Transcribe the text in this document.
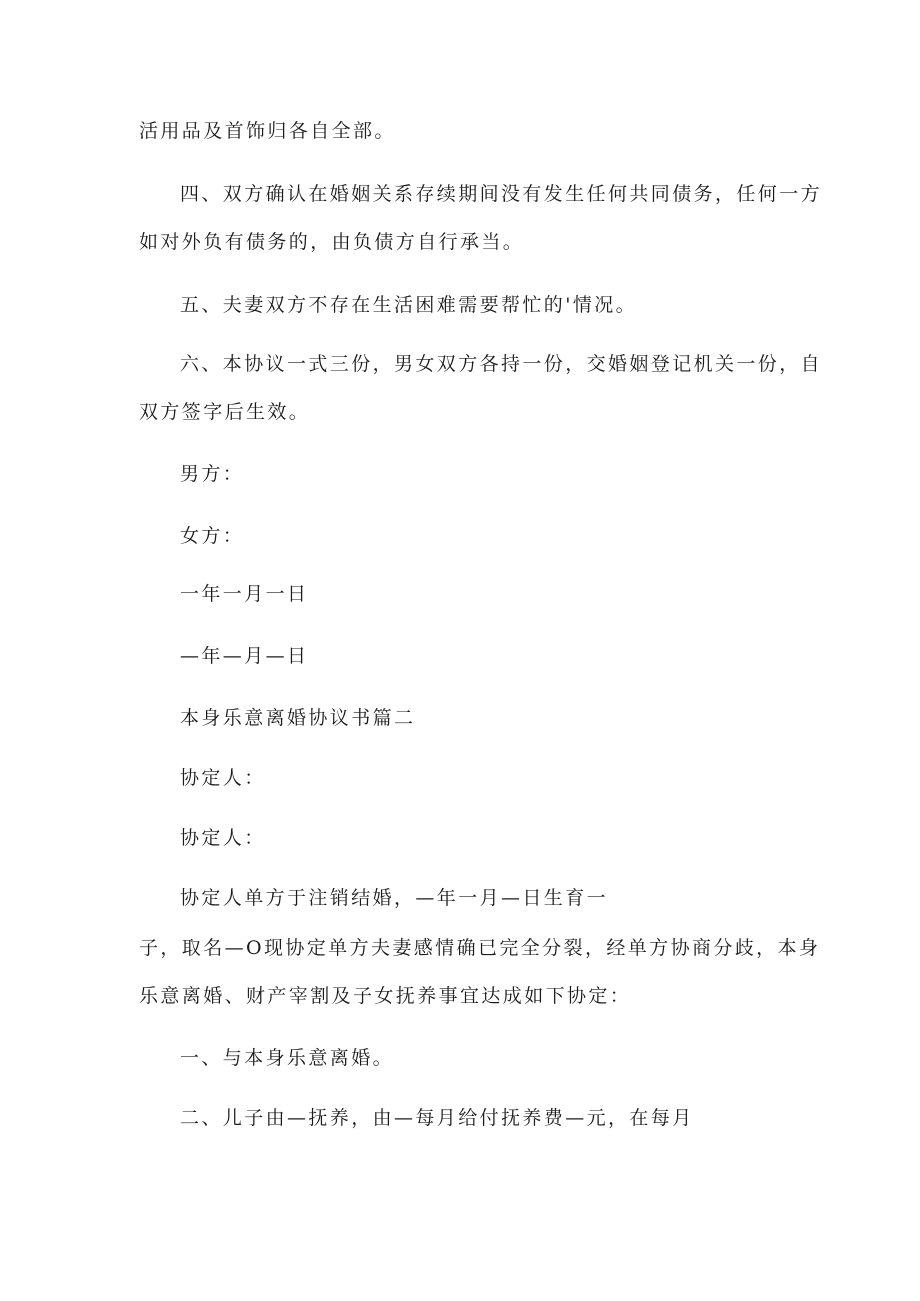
活用品及首饰归各自全部。
四、双方确认在婚姻关系存续期间没有发生任何共同债务，任何一方
如对外负有债务的，由负债方自行承当。
五、夫妻双方不存在生活困难需要帮忙的'情况。
六、本协议一式三份，男女双方各持一份，交婚姻登记机关一份，自
双方签字后生效。
男方：
女方：
一年一月一日
—年—月—日
本身乐意离婚协议书篇二
协定人：
协定人：
协定人单方于注销结婚，—年一月—日生育一
子，取名—O现协定单方夫妻感情确已完全分裂，经单方协商分歧，本身
乐意离婚、财产宰割及子女抚养事宜达成如下协定：
一、与本身乐意离婚。
二、儿子由—抚养，由—每月给付抚养费—元，在每月
